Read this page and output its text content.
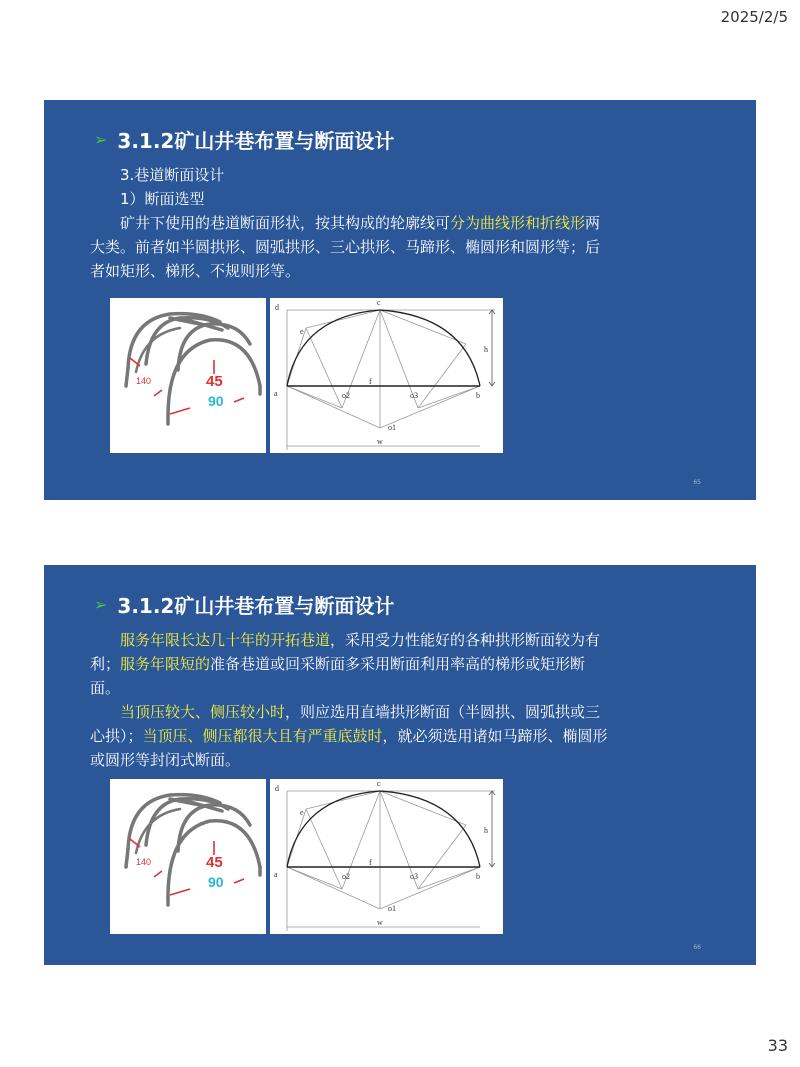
2025/2/5
➢ 3.1.2矿山井巷布置与断面设计

3.巷道断面设计

1）断面选型

矿井下使用的巷道断面形状，按其构成的轮廓线可分为曲线形和折线形两大类。前者如半圆拱形、圆弧拱形、三心拱形、马蹄形、椭圆形和圆形等；后者如矩形、梯形、不规则形等。

140	45
90
d
c
e
h
f
a	o2	o3	b
o1
w
65
➢ 3.1.2矿山井巷布置与断面设计

服务年限长达几十年的开拓巷道，采用受力性能好的各种拱形断面较为有利；服务年限短的准备巷道或回采断面多采用断面利用率高的梯形或矩形断面。

当顶压较大、侧压较小时，则应选用直墙拱形断面（半圆拱、圆弧拱或三心拱）；当顶压、侧压都很大且有严重底鼓时，就必须选用诸如马蹄形、椭圆形或圆形等封闭式断面。

140	45
90
d
c
e
h
f
a	o2	o3	b
o1
w
66
33
